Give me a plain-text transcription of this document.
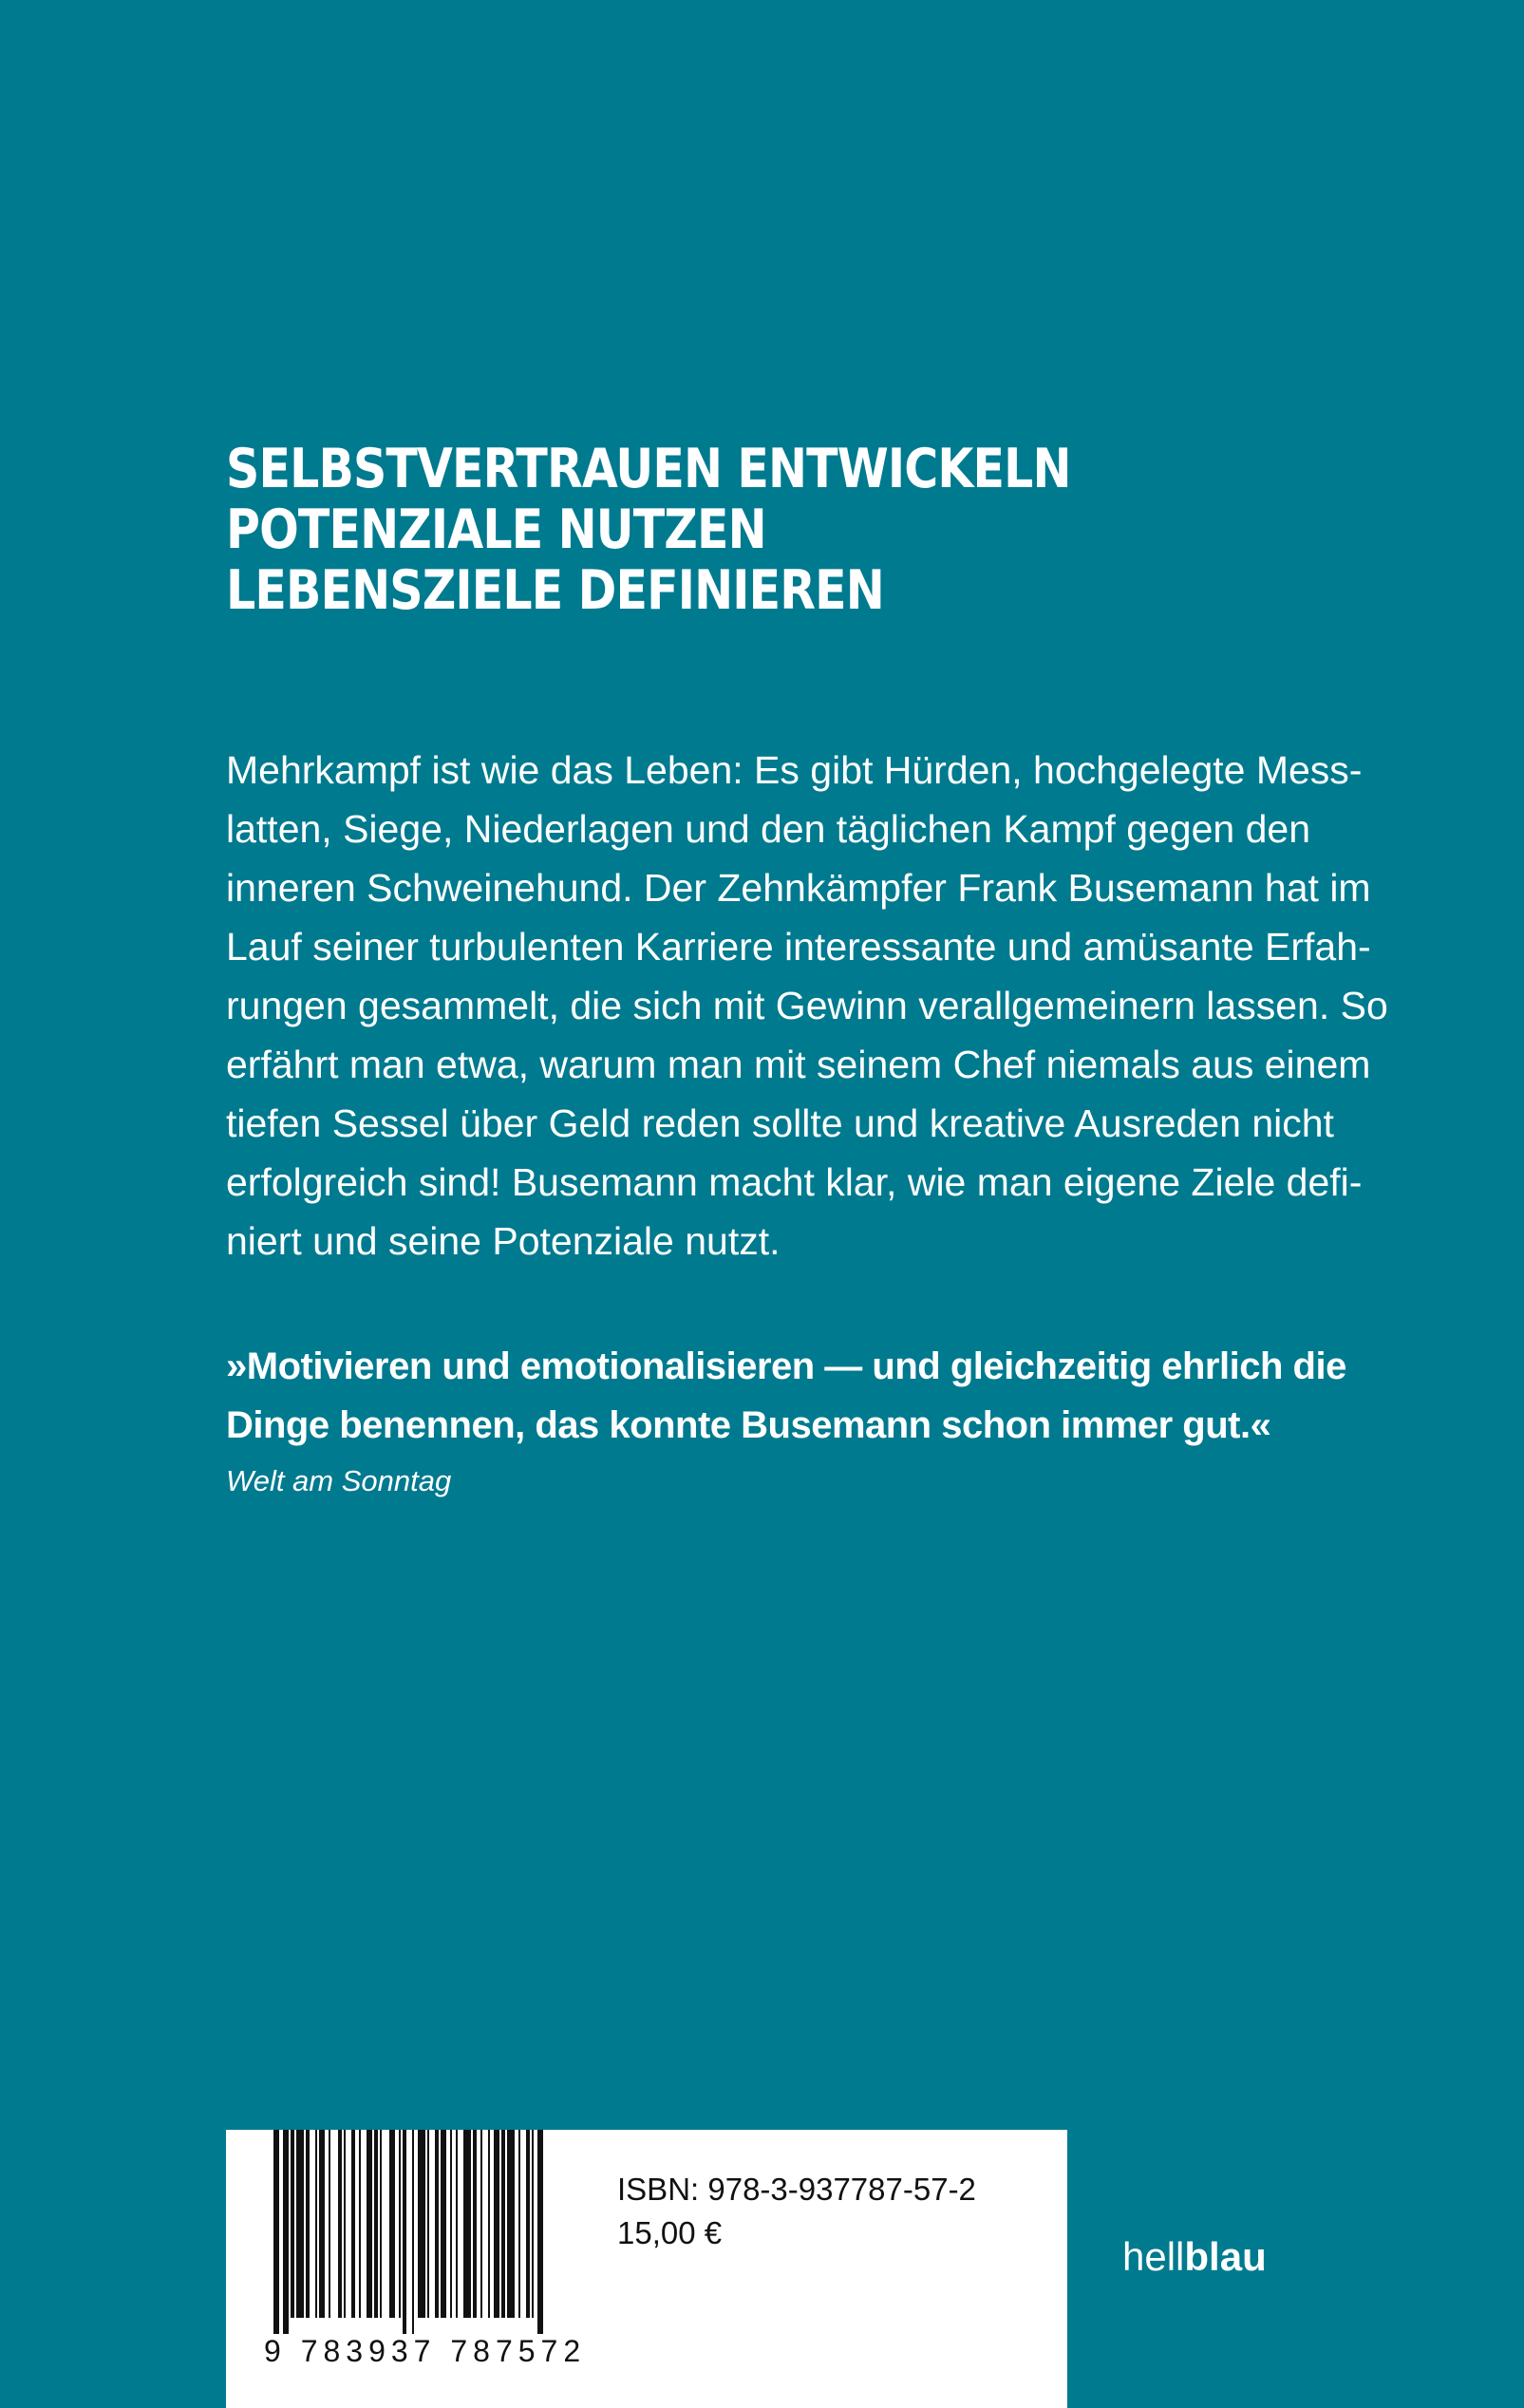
SELBSTVERTRAUEN ENTWICKELN
POTENZIALE NUTZEN
LEBENSZIELE DEFINIEREN
Mehrkampf ist wie das Leben: Es gibt Hürden, hochgelegte Mess-
latten, Siege, Niederlagen und den täglichen Kampf gegen den
inneren Schweinehund. Der Zehnkämpfer Frank Busemann hat im
Lauf seiner turbulenten Karriere interessante und amüsante Erfah-
rungen gesammelt, die sich mit Gewinn verallgemeinern lassen. So
erfährt man etwa, warum man mit seinem Chef niemals aus einem
tiefen Sessel über Geld reden sollte und kreative Ausreden nicht
erfolgreich sind! Busemann macht klar, wie man eigene Ziele defi-
niert und seine Potenziale nutzt.
»Motivieren und emotionalisieren — und gleichzeitig ehrlich die
Dinge benennen, das konnte Busemann schon immer gut.«
Welt am Sonntag
9 783937 787572
ISBN: 978-3-937787-57-2
15,00 €
hellblau
